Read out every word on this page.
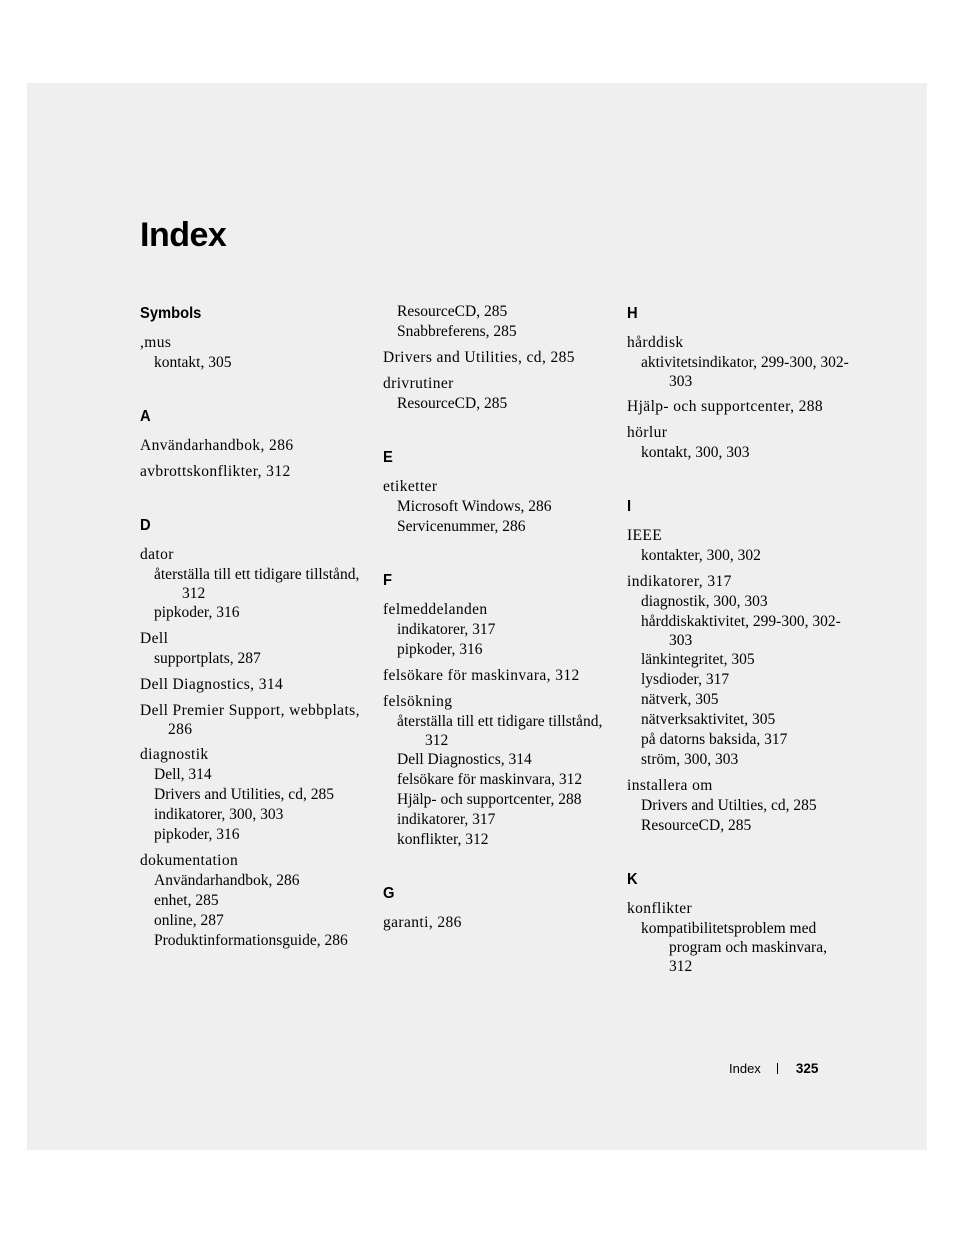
Index
Symbols
,mus
kontakt, 305
A
Användarhandbok, 286
avbrottskonflikter, 312
D
dator
återställa till ett tidigare tillstånd, 312
pipkoder, 316
Dell
supportplats, 287
Dell Diagnostics, 314
Dell Premier Support, webbplats, 286
diagnostik
Dell, 314
Drivers and Utilities, cd, 285
indikatorer, 300, 303
pipkoder, 316
dokumentation
Användarhandbok, 286
enhet, 285
online, 287
Produktinformationsguide, 286
ResourceCD, 285
Snabbreferens, 285
Drivers and Utilities, cd, 285
drivrutiner
ResourceCD, 285
E
etiketter
Microsoft Windows, 286
Servicenummer, 286
F
felmeddelanden
indikatorer, 317
pipkoder, 316
felsökare för maskinvara, 312
felsökning
återställa till ett tidigare tillstånd, 312
Dell Diagnostics, 314
felsökare för maskinvara, 312
Hjälp- och supportcenter, 288
indikatorer, 317
konflikter, 312
G
garanti, 286
H
hårddisk
aktivitetsindikator, 299-300, 302-303
Hjälp- och supportcenter, 288
hörlur
kontakt, 300, 303
I
IEEE
kontakter, 300, 302
indikatorer, 317
diagnostik, 300, 303
hårddiskaktivitet, 299-300, 302-303
länkintegritet, 305
lysdioder, 317
nätverk, 305
nätverksaktivitet, 305
på datorns baksida, 317
ström, 300, 303
installera om
Drivers and Utilties, cd, 285
ResourceCD, 285
K
konflikter
kompatibilitetsproblem med program och maskinvara, 312
Index	325
